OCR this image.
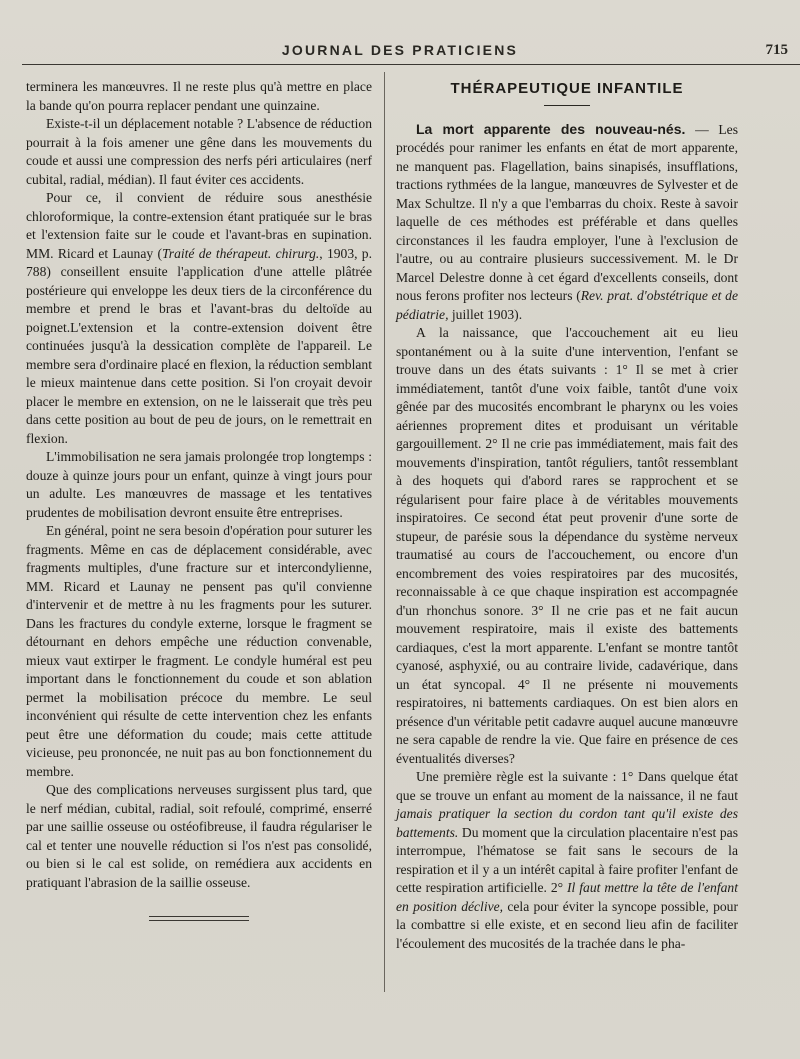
JOURNAL DES PRATICIENS	715

terminera les manœuvres. Il ne reste plus qu'à mettre en place la bande qu'on pourra replacer pendant une quinzaine.

Existe-t-il un déplacement notable ? L'absence de réduction pourrait à la fois amener une gêne dans les mouvements du coude et aussi une compression des nerfs péri articulaires (nerf cubital, radial, médian). Il faut éviter ces accidents.

Pour ce, il convient de réduire sous anesthésie chloroformique, la contre-extension étant pratiquée sur le bras et l'extension faite sur le coude et l'avant-bras en supination. MM. Ricard et Launay (Traité de thérapeut. chirurg., 1903, p. 788) conseillent ensuite l'application d'une attelle plâtrée postérieure qui enveloppe les deux tiers de la circonférence du membre et prend le bras et l'avant-bras du deltoïde au poignet.L'extension et la contre-extension doivent être continuées jusqu'à la dessication complète de l'appareil. Le membre sera d'ordinaire placé en flexion, la réduction semblant le mieux maintenue dans cette position. Si l'on croyait devoir placer le membre en extension, on ne le laisserait que très peu dans cette position au bout de peu de jours, on le remettrait en flexion.

L'immobilisation ne sera jamais prolongée trop longtemps : douze à quinze jours pour un enfant, quinze à vingt jours pour un adulte. Les manœuvres de massage et les tentatives prudentes de mobilisation devront ensuite être entreprises.

En général, point ne sera besoin d'opération pour suturer les fragments. Même en cas de déplacement considérable, avec fragments multiples, d'une fracture sur et intercondylienne, MM. Ricard et Launay ne pensent pas qu'il convienne d'intervenir et de mettre à nu les fragments pour les suturer. Dans les fractures du condyle externe, lorsque le fragment se détournant en dehors empêche une réduction convenable, mieux vaut extirper le fragment. Le condyle huméral est peu important dans le fonctionnement du coude et son ablation permet la mobilisation précoce du membre. Le seul inconvénient qui résulte de cette intervention chez les enfants peut être une déformation du coude; mais cette attitude vicieuse, peu prononcée, ne nuit pas au bon fonctionnement du membre.

Que des complications nerveuses surgissent plus tard, que le nerf médian, cubital, radial, soit refoulé, comprimé, enserré par une saillie osseuse ou ostéofibreuse, il faudra régulariser le cal et tenter une nouvelle réduction si l'os n'est pas consolidé, ou bien si le cal est solide, on remédiera aux accidents en pratiquant l'abrasion de la saillie osseuse.

THÉRAPEUTIQUE INFANTILE

La mort apparente des nouveau-nés. — Les procédés pour ranimer les enfants en état de mort apparente, ne manquent pas. Flagellation, bains sinapisés, insufflations, tractions rythmées de la langue, manœuvres de Sylvester et de Max Schultze. Il n'y a que l'embarras du choix. Reste à savoir laquelle de ces méthodes est préférable et dans quelles circonstances il les faudra employer, l'une à l'exclusion de l'autre, ou au contraire plusieurs successivement. M. le Dr Marcel Delestre donne à cet égard d'excellents conseils, dont nous ferons profiter nos lecteurs (Rev. prat. d'obstétrique et de pédiatrie, juillet 1903).

A la naissance, que l'accouchement ait eu lieu spontanément ou à la suite d'une intervention, l'enfant se trouve dans un des états suivants : 1° Il se met à crier immédiatement, tantôt d'une voix faible, tantôt d'une voix gênée par des mucosités encombrant le pharynx ou les voies aériennes proprement dites et produisant un véritable gargouillement. 2° Il ne crie pas immédiatement, mais fait des mouvements d'inspiration, tantôt réguliers, tantôt ressemblant à des hoquets qui d'abord rares se rapprochent et se régularisent pour faire place à de véritables mouvements inspiratoires. Ce second état peut provenir d'une sorte de stupeur, de parésie sous la dépendance du système nerveux traumatisé au cours de l'accouchement, ou encore d'un encombrement des voies respiratoires par des mucosités, reconnaissable à ce que chaque inspiration est accompagnée d'un rhonchus sonore. 3° Il ne crie pas et ne fait aucun mouvement respiratoire, mais il existe des battements cardiaques, c'est la mort apparente. L'enfant se montre tantôt cyanosé, asphyxié, ou au contraire livide, cadavérique, dans un état syncopal. 4° Il ne présente ni mouvements respiratoires, ni battements cardiaques. On est bien alors en présence d'un véritable petit cadavre auquel aucune manœuvre ne sera capable de rendre la vie. Que faire en présence de ces éventualités diverses?

Une première règle est la suivante : 1° Dans quelque état que se trouve un enfant au moment de la naissance, il ne faut jamais pratiquer la section du cordon tant qu'il existe des battements. Du moment que la circulation placentaire n'est pas interrompue, l'hématose se fait sans le secours de la respiration et il y a un intérêt capital à faire profiter l'enfant de cette respiration artificielle. 2° Il faut mettre la tête de l'enfant en position déclive, cela pour éviter la syncope possible, pour la combattre si elle existe, et en second lieu afin de faciliter l'écoulement des mucosités de la trachée dans le pha-
